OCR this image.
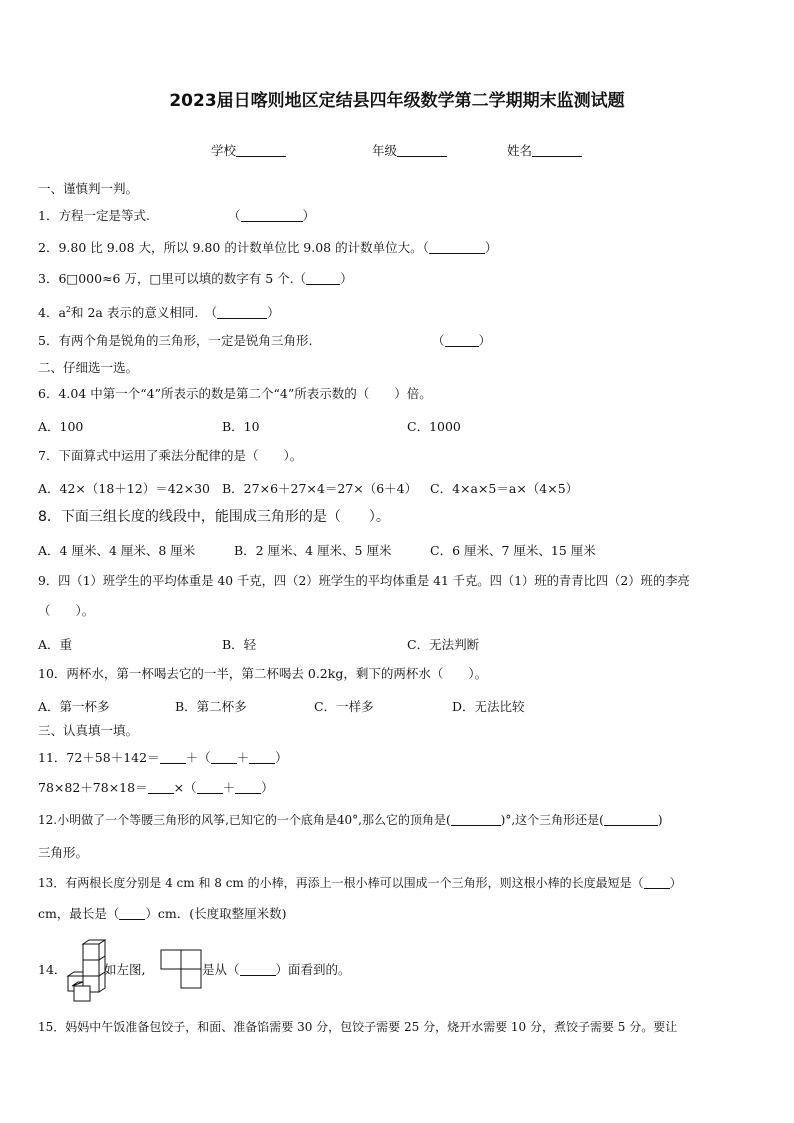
2023届日喀则地区定结县四年级数学第二学期期末监测试题
学校	年级	姓名
一、谨慎判一判。
1．方程一定是等式.	（	）
2．9.80 比 9.08 大，所以 9.80 的计数单位比 9.08 的计数单位大。（	）
3．6□000≈6 万，□里可以填的数字有 5 个.（	）
4．$a^2$和 2a 表示的意义相同.　（	）
5．有两个角是锐角的三角形，一定是锐角三角形.	（	）
二、仔细选一选。
6．4.04 中第一个“4”所表示的数是第二个“4”所表示数的（　　）倍。
A．100	B．10	C．1000
7．下面算式中运用了乘法分配律的是（　　）。
A．42×（18＋12）＝42×30 B．27×6＋27×4＝27×（6＋4） C．4×a×5＝a×（4×5）
8．下面三组长度的线段中，能围成三角形的是（　　）。
A．4 厘米、4 厘米、8 厘米	B．2 厘米、4 厘米、5 厘米	C．6 厘米、7 厘米、15 厘米
9．四（1）班学生的平均体重是 40 千克，四（2）班学生的平均体重是 41 千克。四（1）班的青青比四（2）班的李亮
（　　）。
A．重	B．轻	C．无法判断
10．两杯水，第一杯喝去它的一半，第二杯喝去 0.2kg，剩下的两杯水（　　）。
A．第一杯多	B．第二杯多	C．一样多	D．无法比较
三、认真填一填。
11．72＋58＋142＝ ＋（ ＋ ）
78×82＋78×18＝ ×（ ＋ ）
12.小明做了一个等腰三角形的风筝,已知它的一个底角是40°,那么它的顶角是(	)°,这个三角形还是(	)
三角形。
13．有两根长度分别是 4 cm 和 8 cm 的小棒，再添上一根小棒可以围成一个三角形，则这根小棒的长度最短是（ ）
cm，最长是（ ）cm．(长度取整厘米数)
14．	如左图,	是从（	）面看到的。
15．妈妈中午饭准备包饺子，和面、准备馅需要 30 分，包饺子需要 25 分，烧开水需要 10 分，煮饺子需要 5 分。要让
